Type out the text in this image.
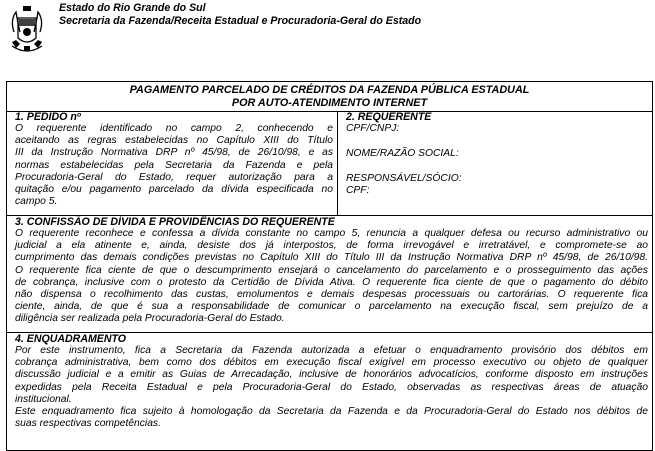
Estado do Rio Grande do Sul
Secretaria da Fazenda/Receita Estadual e Procuradoria-Geral do Estado
PAGAMENTO PARCELADO DE CRÉDITOS DA FAZENDA PÚBLICA ESTADUAL
POR AUTO-ATENDIMENTO INTERNET
1. PEDIDO nº
O requerente identificado no campo 2, conhecendo e
aceitando as regras estabelecidas no Capítulo XIII do Título
III da Instrução Normativa DRP nº 45/98, de 26/10/98, e as
normas estabelecidas pela Secretaria da Fazenda e pela
Procuradoria-Geral do Estado, requer autorização para a
quitação e/ou pagamento parcelado da dívida especificada no
campo 5.
2. REQUERENTE
CPF/CNPJ:
NOME/RAZÃO SOCIAL:
RESPONSÁVEL/SÓCIO:
CPF:
3. CONFISSÃO DE DÍVIDA E PROVIDÊNCIAS DO REQUERENTE
O requerente reconhece e confessa a dívida constante no campo 5, renuncia a qualquer defesa ou recurso administrativo ou
judicial a ela atinente e, ainda, desiste dos já interpostos, de forma irrevogável e irretratável, e compromete-se ao
cumprimento das demais condições previstas no Capítulo XIII do Título III da Instrução Normativa DRP nº 45/98, de 26/10/98.
O requerente fica ciente de que o descumprimento ensejará o cancelamento do parcelamento e o prosseguimento das ações
de cobrança, inclusive com o protesto da Certidão de Dívida Ativa. O requerente fica ciente de que o pagamento do débito
não dispensa o recolhimento das custas, emolumentos e demais despesas processuais ou cartorárias. O requerente fica
ciente, ainda, de que é sua a responsabilidade de comunicar o parcelamento na execução fiscal, sem prejuízo de a
diligência ser realizada pela Procuradoria-Geral do Estado.
4. ENQUADRAMENTO
Por este instrumento, fica a Secretaria da Fazenda autorizada a efetuar o enquadramento provisório dos débitos em
cobrança administrativa, bem como dos débitos em execução fiscal exigível em processo executivo ou objeto de qualquer
discussão judicial e a emitir as Guias de Arrecadação, inclusive de honorários advocatícios, conforme disposto em instruções
expedidas pela Receita Estadual e pela Procuradoria-Geral do Estado, observadas as respectivas áreas de atuação
institucional.
Este enquadramento fica sujeito à homologação da Secretaria da Fazenda e da Procuradoria-Geral do Estado nos débitos de
suas respectivas competências.
